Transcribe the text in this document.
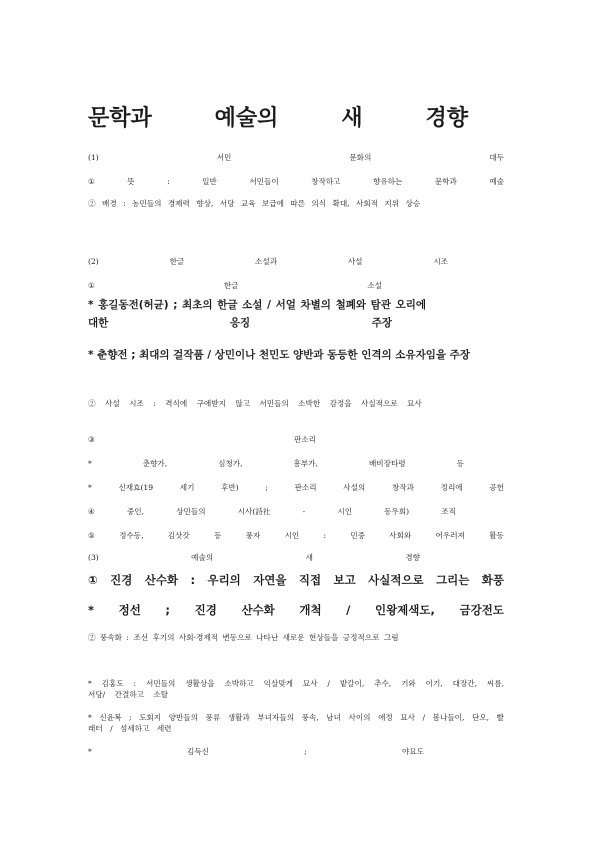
문학과	예술의	새	경향
(1)	서민	문화의	대두
①	뜻	:	일반	서민들이	창작하고	향유하는	문학과	예술
② 배경 : 농민들의 경제력 향상, 서당 교육 보급에 따른 의식 확대, 사회적 지위 상승
(2)	한글	소설과	사설	시조
①	한글	소설
* 홍길동전(허균) ; 최초의 한글 소설 / 서얼 차별의 철폐와 탐관 오리에
대한	응징	주장
* 춘향전 ; 최대의 걸작품 / 상민이나 천민도 양반과 동등한 인격의 소유자임을 주장
② 사설 시조 : 격식에 구애받지 않고 서민들의 소박한 감정을 사실적으로 묘사
③	판소리
*	춘향가,	심청가,	흥부가,	배비장타령	등
*	신재효(19	세기	후반)	;	판소리	사설의	창작과	정리에	공헌
④	중인,	상민들의	시사(詩社	-	시인	동우회)	조직
⑤	정수동,	김삿갓	등	풍자	시인	:	민중	사회와	어우러져	활동
(3)	예술의	새	경향
① 진경 산수화 : 우리의 자연을 직접 보고 사실적으로 그리는 화풍
* 정선 ; 진경 산수화 개척 / 인왕제색도, 금강전도
② 풍속화 : 조선 후기의 사회·경제적 변동으로 나타난 새로운 현상들을 긍정적으로 그림
* 김홍도 : 서민들의 생활상을 소박하고 익살맞게 묘사 / 밭갈이, 추수, 기와 이기, 대장간, 씨름, 서당/ 간결하고 소탈
* 신윤복 ; 도회지 양반들의 풍류 생활과 부녀자들의 풍속, 남녀 사이의 애정 묘사 / 봄나들이, 단오, 빨래터 / 섬세하고 세련
*	김득신	;	야묘도
